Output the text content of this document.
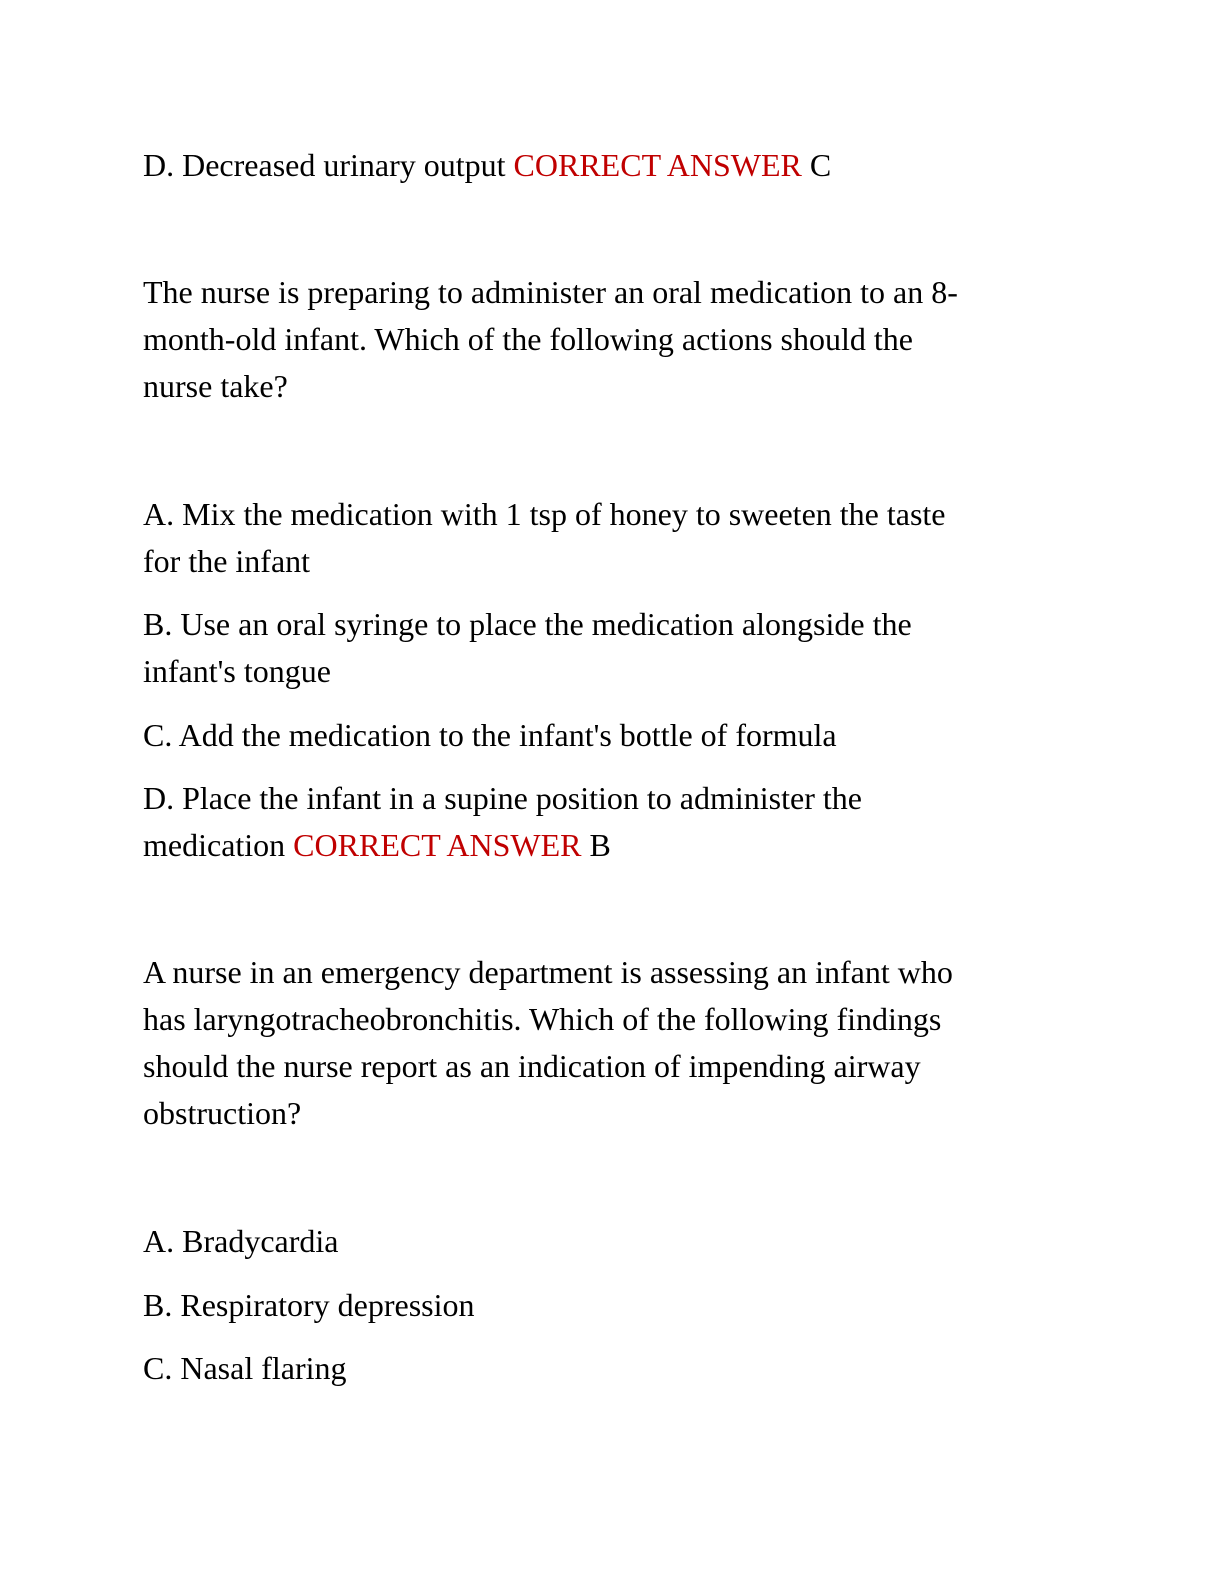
D. Decreased urinary output CORRECT ANSWER C
The nurse is preparing to administer an oral medication to an 8-
month-old infant. Which of the following actions should the
nurse take?
A. Mix the medication with 1 tsp of honey to sweeten the taste
for the infant
B. Use an oral syringe to place the medication alongside the
infant's tongue
C. Add the medication to the infant's bottle of formula
D. Place the infant in a supine position to administer the
medication CORRECT ANSWER B
A nurse in an emergency department is assessing an infant who
has laryngotracheobronchitis. Which of the following findings
should the nurse report as an indication of impending airway
obstruction?
A. Bradycardia
B. Respiratory depression
C. Nasal flaring
